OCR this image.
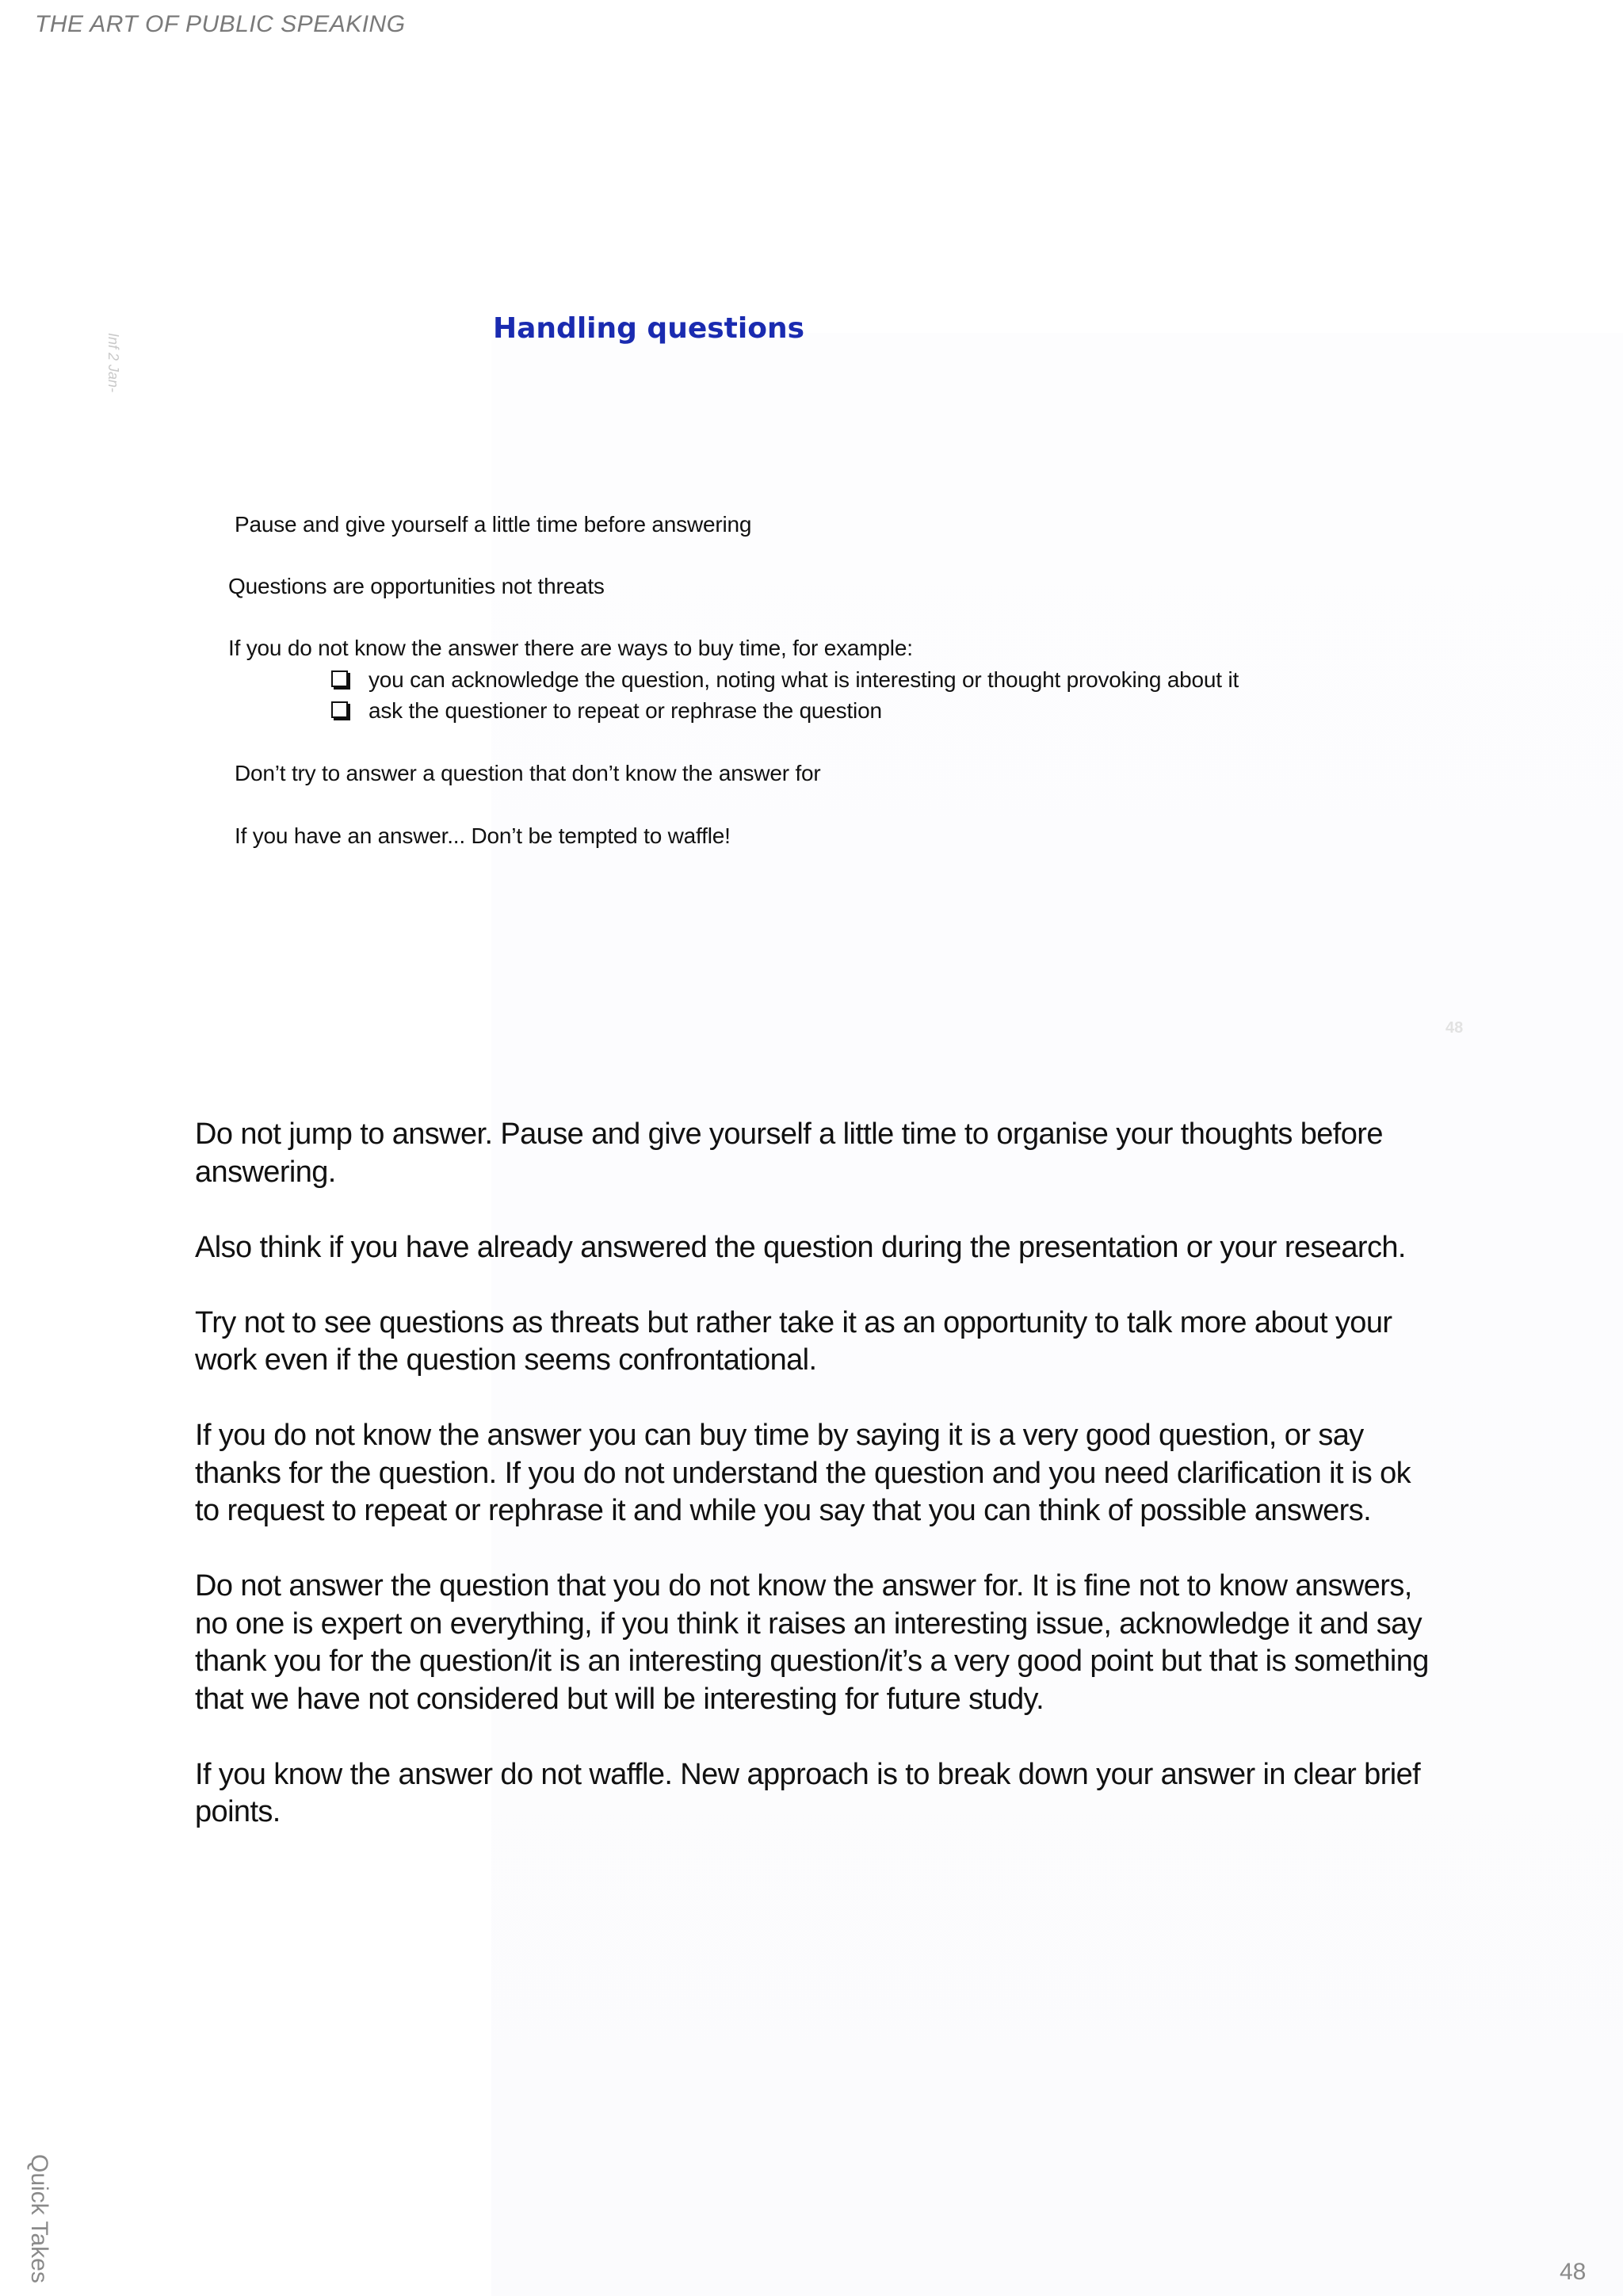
THE ART OF PUBLIC SPEAKING
Inf 2 Jan-
Handling questions
Pause and give yourself a little time before answering
Questions are opportunities not threats
If you do not know the answer there are ways to buy time, for example:
you can acknowledge the question, noting what is interesting or thought provoking about it
ask the questioner to repeat or rephrase the question
Don’t try to answer a question that don’t know the answer for
If you have an answer... Don’t be tempted to waffle!
48

Do not jump to answer. Pause and give yourself a little time to organise your thoughts before answering.

Also think if you have already answered the question during the presentation or your research.

Try not to see questions as threats but rather take it as an opportunity to talk more about your work even if the question seems confrontational.

If you do not know the answer you can buy time by saying it is a very good question, or say thanks for the question. If you do not understand the question and you need clarification it is ok to request to repeat or rephrase it and while you say that you can think of possible answers.

Do not answer the question that you do not know the answer for. It is fine not to know answers, no one is expert on everything, if you think it raises an interesting issue, acknowledge it and say thank you for the question/it is an interesting question/it’s a very good point but that is something that we have not considered but will be interesting for future study.

If you know the answer do not waffle. New approach is to break down your answer in clear brief points.

Quick Takes	48
